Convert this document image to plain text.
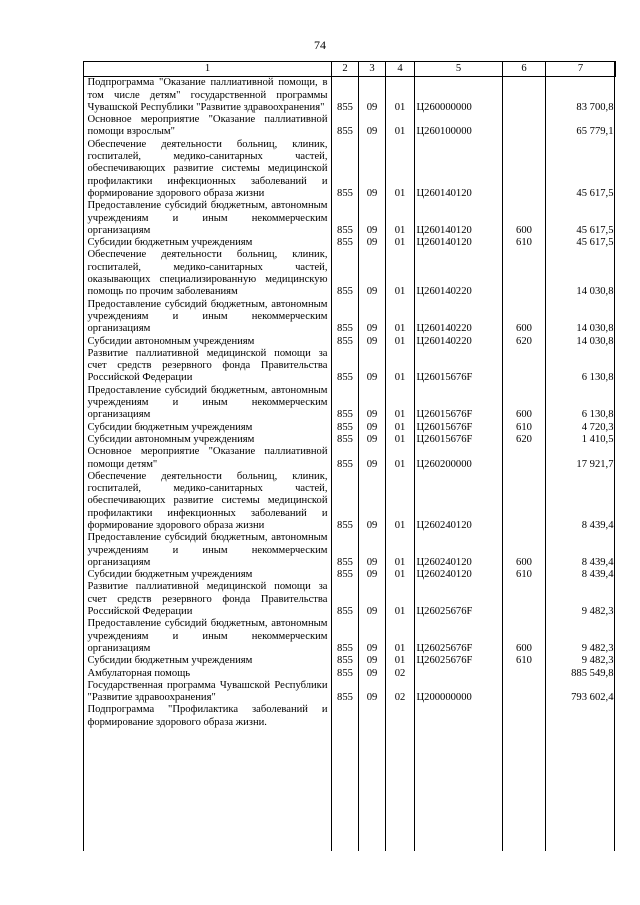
74
1	2	3	4	5	6	7
Подпрограмма "Оказание паллиативной помощи, в том числе детям" государственной программы Чувашской Республики "Развитие здравоохранения"	855	09	01	Ц260000000		83 700,8
Основное мероприятие "Оказание паллиативной помощи взрослым"	855	09	01	Ц260100000		65 779,1
Обеспечение деятельности больниц, клиник, госпиталей, медико-санитарных частей, обеспечивающих развитие системы медицинской профилактики инфекционных заболеваний и формирование здорового образа жизни	855	09	01	Ц260140120		45 617,5
Предоставление субсидий бюджетным, автономным учреждениям и иным некоммерческим организациям	855	09	01	Ц260140120	600	45 617,5
Субсидии бюджетным учреждениям	855	09	01	Ц260140120	610	45 617,5
Обеспечение деятельности больниц, клиник, госпиталей, медико-санитарных частей, оказывающих специализированную медицинскую помощь по прочим заболеваниям	855	09	01	Ц260140220		14 030,8
Предоставление субсидий бюджетным, автономным учреждениям и иным некоммерческим организациям	855	09	01	Ц260140220	600	14 030,8
Субсидии автономным учреждениям	855	09	01	Ц260140220	620	14 030,8
Развитие паллиативной медицинской помощи за счет средств резервного фонда Правительства Российской Федерации	855	09	01	Ц26015676F		6 130,8
Предоставление субсидий бюджетным, автономным учреждениям и иным некоммерческим организациям	855	09	01	Ц26015676F	600	6 130,8
Субсидии бюджетным учреждениям	855	09	01	Ц26015676F	610	4 720,3
Субсидии автономным учреждениям	855	09	01	Ц26015676F	620	1 410,5
Основное мероприятие "Оказание паллиативной помощи детям"	855	09	01	Ц260200000		17 921,7
Обеспечение деятельности больниц, клиник, госпиталей, медико-санитарных частей, обеспечивающих развитие системы медицинской профилактики инфекционных заболеваний и формирование здорового образа жизни	855	09	01	Ц260240120		8 439,4
Предоставление субсидий бюджетным, автономным учреждениям и иным некоммерческим организациям	855	09	01	Ц260240120	600	8 439,4
Субсидии бюджетным учреждениям	855	09	01	Ц260240120	610	8 439,4
Развитие паллиативной медицинской помощи за счет средств резервного фонда Правительства Российской Федерации	855	09	01	Ц26025676F		9 482,3
Предоставление субсидий бюджетным, автономным учреждениям и иным некоммерческим организациям	855	09	01	Ц26025676F	600	9 482,3
Субсидии бюджетным учреждениям	855	09	01	Ц26025676F	610	9 482,3
Амбулаторная помощь	855	09	02			885 549,8
Государственная программа Чувашской Республики "Развитие здравоохранения"	855	09	02	Ц200000000		793 602,4
Подпрограмма "Профилактика заболеваний и формирование здорового образа жизни.						
